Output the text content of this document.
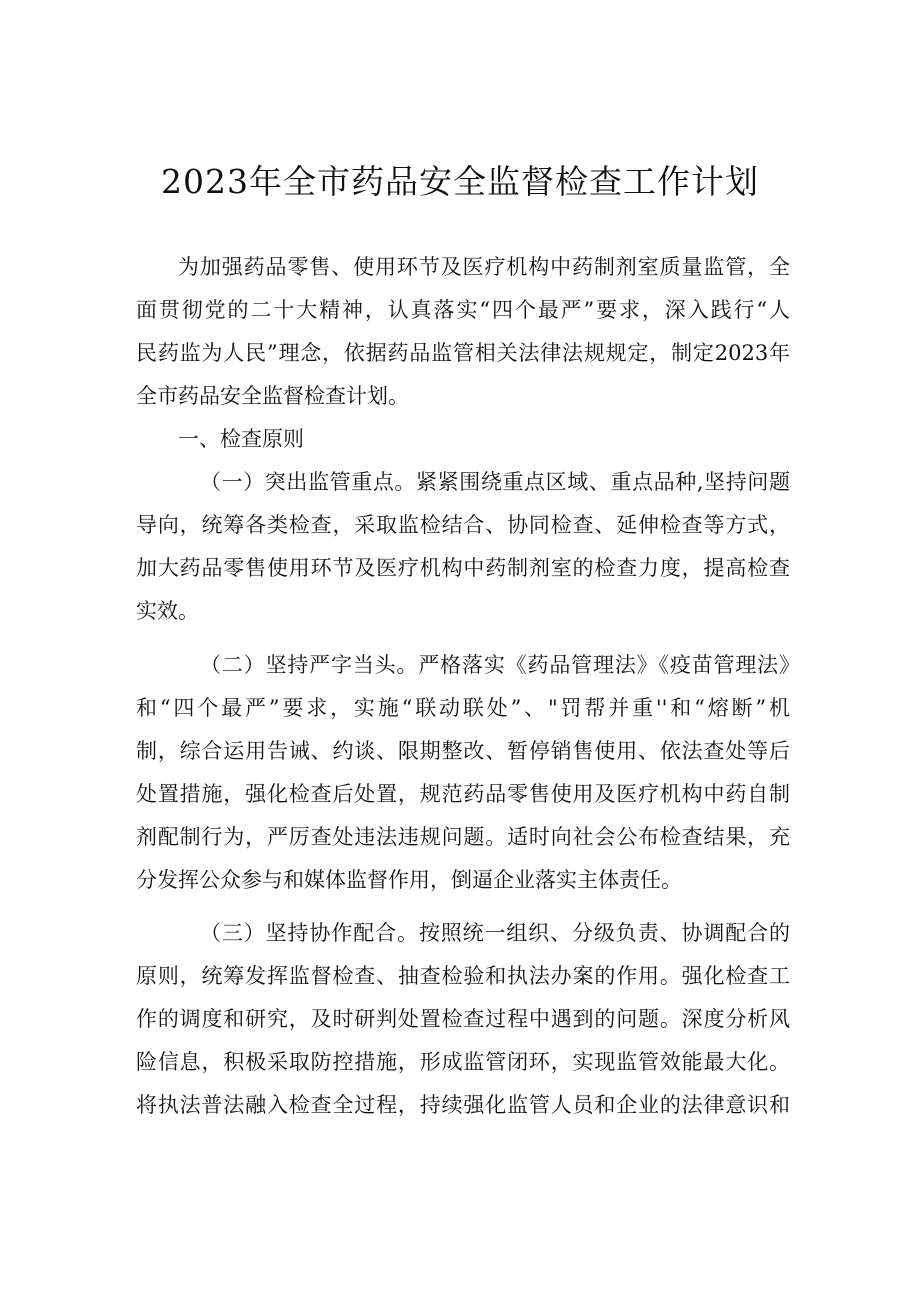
2023年全市药品安全监督检查工作计划
为加强药品零售、使用环节及医疗机构中药制剂室质量监管，全
面贯彻党的二十大精神，认真落实“四个最严”要求，深入践行“人
民药监为人民”理念，依据药品监管相关法律法规规定，制定2023年
全市药品安全监督检查计划。
一、检查原则
（一）突出监管重点。紧紧围绕重点区域、重点品种,坚持问题
导向，统筹各类检查，采取监检结合、协同检查、延伸检查等方式，
加大药品零售使用环节及医疗机构中药制剂室的检查力度，提高检查
实效。
（二）坚持严字当头。严格落实《药品管理法》《疫苗管理法》
和“四个最严”要求，实施“联动联处”、"罚帮并重''和“熔断”机
制，综合运用告诫、约谈、限期整改、暂停销售使用、依法查处等后
处置措施，强化检查后处置，规范药品零售使用及医疗机构中药自制
剂配制行为，严厉查处违法违规问题。适时向社会公布检查结果，充
分发挥公众参与和媒体监督作用，倒逼企业落实主体责任。
（三）坚持协作配合。按照统一组织、分级负责、协调配合的
原则，统筹发挥监督检查、抽查检验和执法办案的作用。强化检查工
作的调度和研究，及时研判处置检查过程中遇到的问题。深度分析风
险信息，积极采取防控措施，形成监管闭环，实现监管效能最大化。
将执法普法融入检查全过程，持续强化监管人员和企业的法律意识和
